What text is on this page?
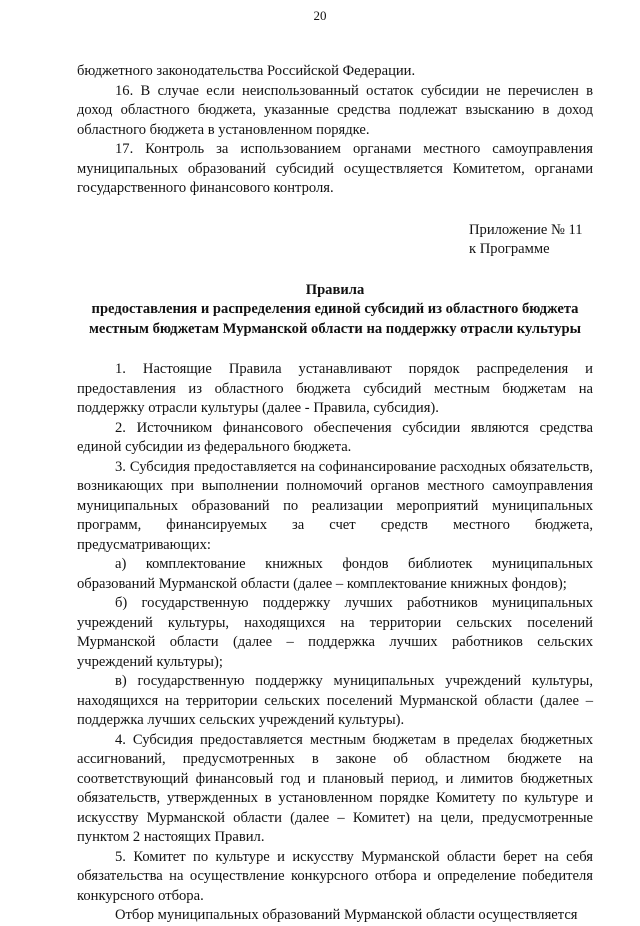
20

бюджетного законодательства Российской Федерации.

16. В случае если неиспользованный остаток субсидии не перечислен в доход областного бюджета, указанные средства подлежат взысканию в доход областного бюджета в установленном порядке.

17. Контроль за использованием органами местного самоуправления муниципальных образований субсидий осуществляется Комитетом, органами государственного финансового контроля.

Приложение № 11
к Программе
Правила
предоставления и распределения единой субсидий из областного бюджета местным бюджетам Мурманской области на поддержку отрасли культуры

1. Настоящие Правила устанавливают порядок распределения и предоставления из областного бюджета субсидий местным бюджетам на поддержку отрасли культуры (далее - Правила, субсидия).

2. Источником финансового обеспечения субсидии являются средства единой субсидии из федерального бюджета.

3. Субсидия предоставляется на софинансирование расходных обязательств, возникающих при выполнении полномочий органов местного самоуправления муниципальных образований по реализации мероприятий муниципальных программ, финансируемых за счет средств местного бюджета, предусматривающих:

а) комплектование книжных фондов библиотек муниципальных образований Мурманской области (далее – комплектование книжных фондов);

б) государственную поддержку лучших работников муниципальных учреждений культуры, находящихся на территории сельских поселений Мурманской области (далее – поддержка лучших работников сельских учреждений культуры);

в) государственную поддержку муниципальных учреждений культуры, находящихся на территории сельских поселений Мурманской области (далее – поддержка лучших сельских учреждений культуры).

4. Субсидия предоставляется местным бюджетам в пределах бюджетных ассигнований, предусмотренных в законе об областном бюджете на соответствующий финансовый год и плановый период, и лимитов бюджетных обязательств, утвержденных в установленном порядке Комитету по культуре и искусству Мурманской области (далее – Комитет) на цели, предусмотренные пунктом 2 настоящих Правил.

5. Комитет по культуре и искусству Мурманской области берет на себя обязательства на осуществление конкурсного отбора и определение победителя конкурсного отбора.

Отбор муниципальных образований Мурманской области осуществляется
